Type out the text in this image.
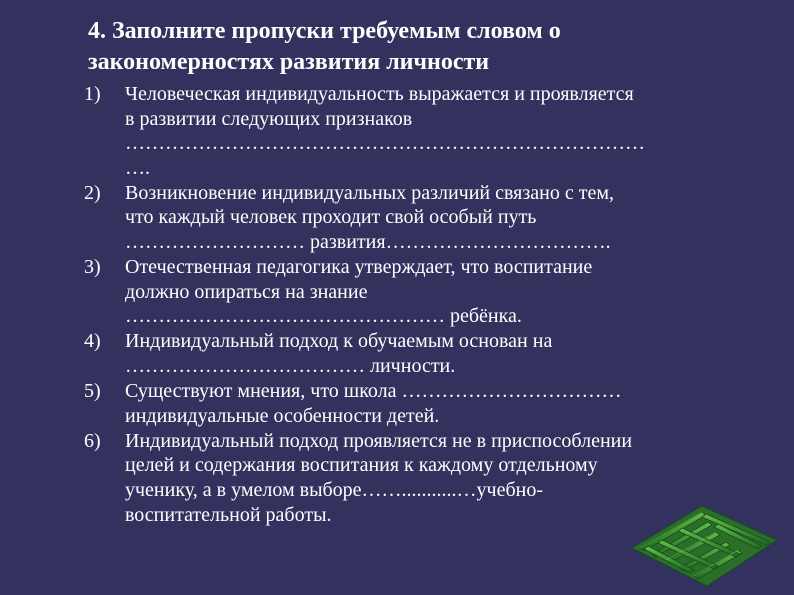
4. Заполните пропуски требуемым словом о
закономерностях развития личности
1) Человеческая индивидуальность выражается и проявляется
в развитии следующих признаков
……………………………………………………………………
….
2) Возникновение индивидуальных различий связано с тем,
что каждый человек проходит свой особый путь
……………………… развития…………………………….
3) Отечественная педагогика утверждает, что воспитание
должно опираться на знание
………………………………………… ребёнка.
4) Индивидуальный подход к обучаемым основан на
……………………………… личности.
5) Существуют мнения, что школа ……………………………
индивидуальные особенности детей.
6) Индивидуальный подход проявляется не в приспособлении
целей и содержания воспитания к каждому отдельному
ученику, а в умелом выборе……...........…учебно-
воспитательной работы.
